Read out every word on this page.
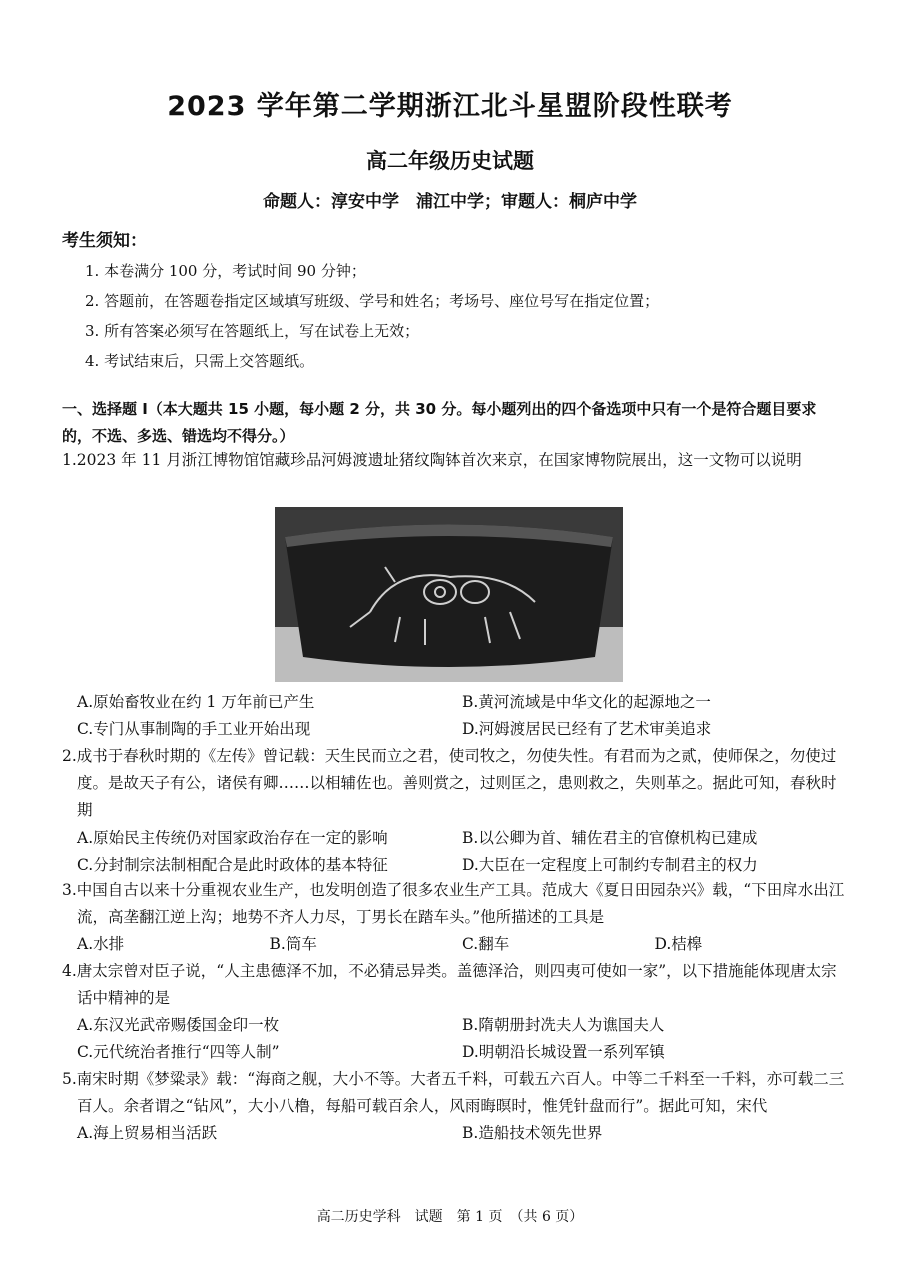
2023 学年第二学期浙江北斗星盟阶段性联考
高二年级历史试题
命题人：淳安中学　浦江中学；审题人：桐庐中学
考生须知：
1. 本卷满分 100 分，考试时间 90 分钟；
2. 答题前，在答题卷指定区域填写班级、学号和姓名；考场号、座位号写在指定位置；
3. 所有答案必须写在答题纸上，写在试卷上无效；
4. 考试结束后，只需上交答题纸。
一、选择题 I（本大题共 15 小题，每小题 2 分，共 30 分。每小题列出的四个备选项中只有一个是符合题目要求的，不选、多选、错选均不得分。）
1.2023 年 11 月浙江博物馆馆藏珍品河姆渡遗址猪纹陶钵首次来京，在国家博物院展出，这一文物可以说明
A.原始畜牧业在约 1 万年前已产生	B.黄河流域是中华文化的起源地之一
C.专门从事制陶的手工业开始出现	D.河姆渡居民已经有了艺术审美追求
2.成书于春秋时期的《左传》曾记载：天生民而立之君，使司牧之，勿使失性。有君而为之贰，使师保之，勿使过度。是故天子有公，诸侯有卿……以相辅佐也。善则赏之，过则匡之，患则救之，失则革之。据此可知，春秋时期
A.原始民主传统仍对国家政治存在一定的影响	B.以公卿为首、辅佐君主的官僚机构已建成
C.分封制宗法制相配合是此时政体的基本特征	D.大臣在一定程度上可制约专制君主的权力
3.中国自古以来十分重视农业生产，也发明创造了很多农业生产工具。范成大《夏日田园杂兴》载，“下田戽水出江流，高垄翻江逆上沟；地势不齐人力尽，丁男长在踏车头。”他所描述的工具是
A.水排	B.筒车	C.翻车	D.桔槔
4.唐太宗曾对臣子说，“人主患德泽不加，不必猜忌异类。盖德泽洽，则四夷可使如一家”，以下措施能体现唐太宗话中精神的是
A.东汉光武帝赐倭国金印一枚	B.隋朝册封冼夫人为谯国夫人
C.元代统治者推行“四等人制”	D.明朝沿长城设置一系列军镇
5.南宋时期《梦粱录》载：“海商之舰，大小不等。大者五千料，可载五六百人。中等二千料至一千料，亦可载二三百人。余者谓之“钻风”，大小八橹，每船可载百余人，风雨晦暝时，惟凭针盘而行”。据此可知，宋代
A.海上贸易相当活跃	B.造船技术领先世界
高二历史学科　试题　第 1 页　（共 6 页）
